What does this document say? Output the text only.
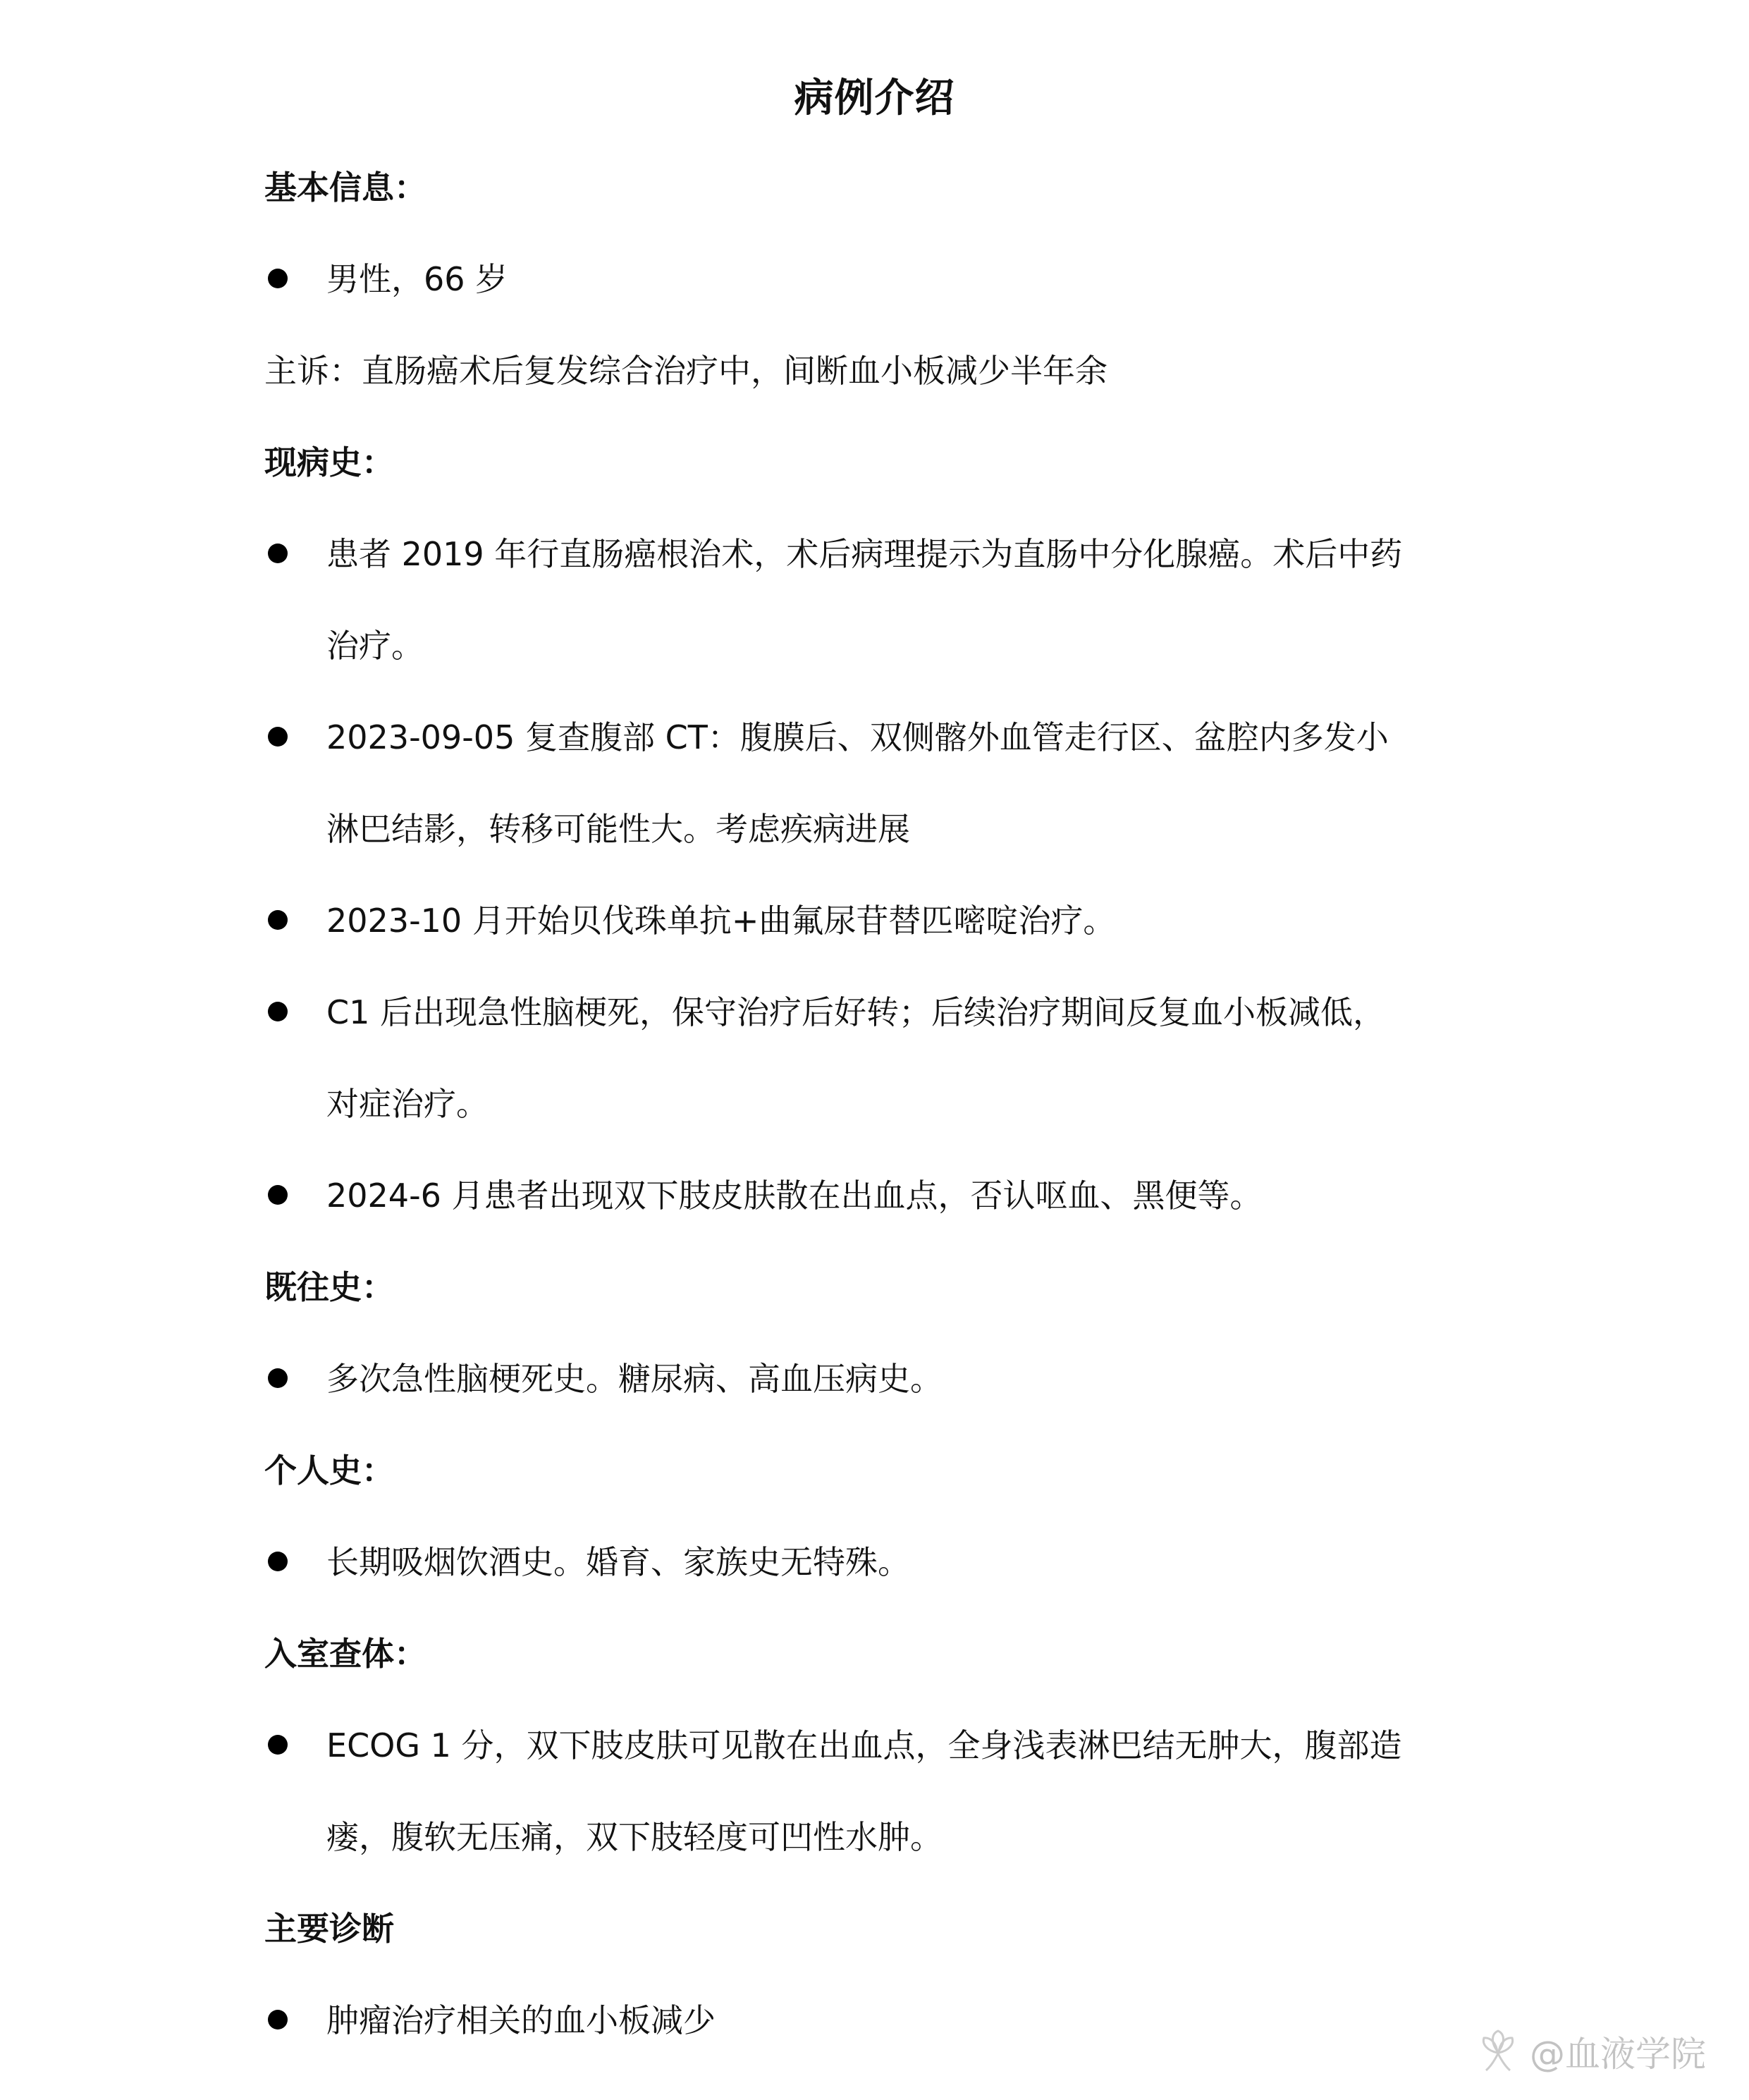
病例介绍
基本信息：
男性，66 岁
主诉：直肠癌术后复发综合治疗中，间断血小板减少半年余
现病史：
患者 2019 年行直肠癌根治术，术后病理提示为直肠中分化腺癌。术后中药
治疗。
2023-09-05 复查腹部 CT：腹膜后、双侧髂外血管走行区、盆腔内多发小
淋巴结影，转移可能性大。考虑疾病进展
2023-10 月开始贝伐珠单抗+曲氟尿苷替匹嘧啶治疗。
C1 后出现急性脑梗死，保守治疗后好转；后续治疗期间反复血小板减低，
对症治疗。
2024-6 月患者出现双下肢皮肤散在出血点，否认呕血、黑便等。
既往史：
多次急性脑梗死史。糖尿病、高血压病史。
个人史：
长期吸烟饮酒史。婚育、家族史无特殊。
入室查体：
ECOG 1 分，双下肢皮肤可见散在出血点，全身浅表淋巴结无肿大，腹部造
瘘，腹软无压痛，双下肢轻度可凹性水肿。
主要诊断
肿瘤治疗相关的血小板减少
@血液学院
